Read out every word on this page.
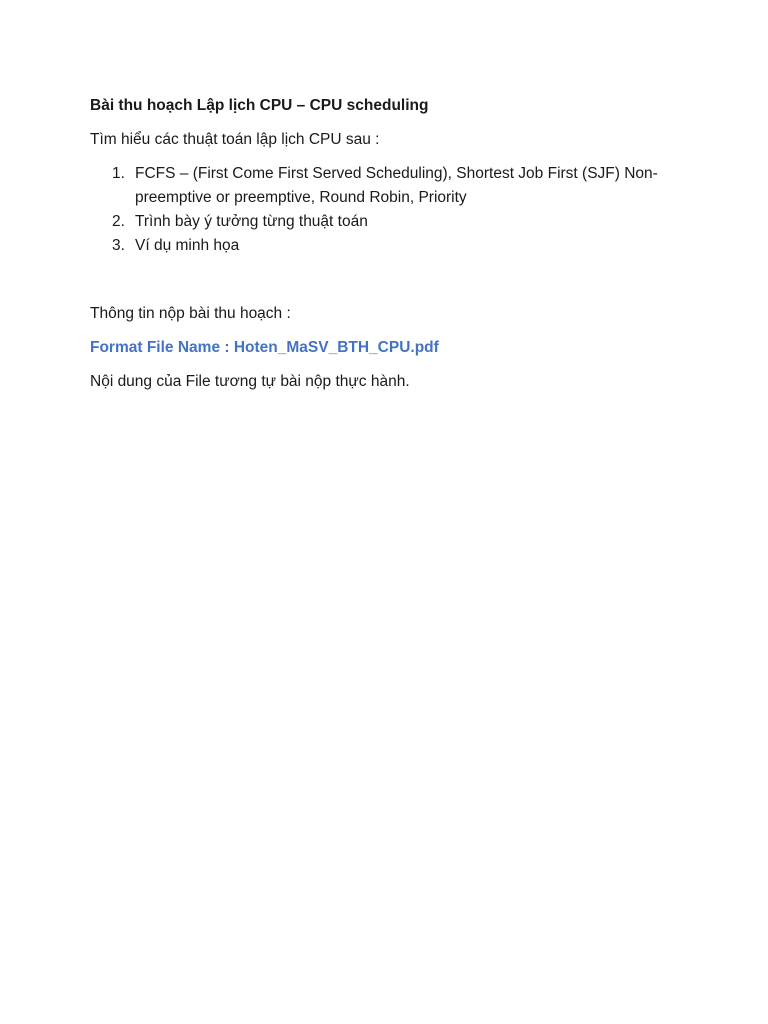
Bài thu hoạch Lập lịch CPU – CPU scheduling

Tìm hiểu các thuật toán lập lịch CPU sau :

1. FCFS – (First Come First Served Scheduling), Shortest Job First (SJF) Non-preemptive or preemptive, Round Robin, Priority
2. Trình bày ý tưởng từng thuật toán
3. Ví dụ minh họa

Thông tin nộp bài thu hoạch :

Format File Name : Hoten_MaSV_BTH_CPU.pdf

Nội dung của File tương tự bài nộp thực hành.
